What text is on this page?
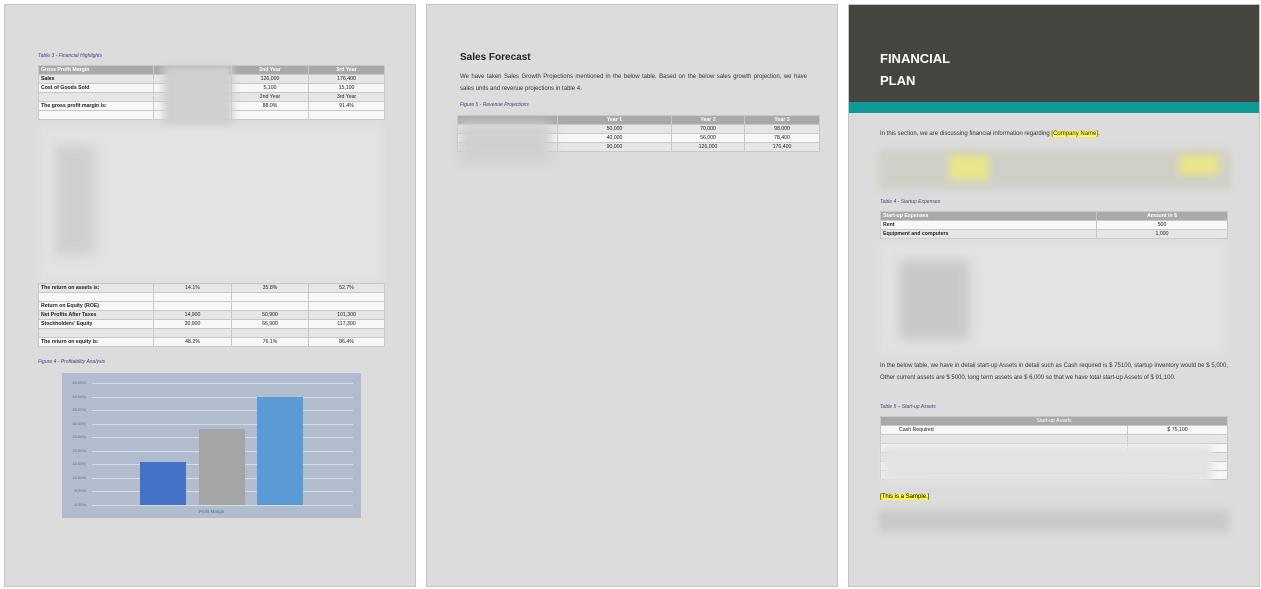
Table 3 - Financial Highlights
Gross Profit Margin		2nd Year	3rd Year
Sales		126,000	176,400
Cost of Goods Sold		5,100	15,100
		2nd Year	3rd Year
The gross profit margin is:		88.0%	91.4%

The return on assets is:	14.1%	35.8%	52.7%

Return on Equity (ROE)			
Net Profits After Taxes	14,900	50,900	101,300
Stockholders' Equity	30,900	66,900	117,300

The return on equity is:	48.2%	76.1%	86.4%
Figure 4 - Profitability Analysis
Profit Margin
0.00%
5.00%
10.00%
15.00%
20.00%
25.00%
30.00%
35.00%
40.00%
45.00%
Sales Forecast
We have taken Sales Growth Projections mentioned in the below table. Based on the below sales growth projection, we have sales units and revenue projections in table 4.
Figure 5 - Revenue Projections
	Year 1	Year 2	Year 3
	50,000	70,000	98,000
	40,000	56,000	78,400
	90,000	126,000	176,400
FINANCIAL
PLAN
In this section, we are discussing financial information regarding [Company Name].
Table 4 - Startup Expenses
Start-up Expenses	Amount in $
Rent	500
Equipment and computers	1,000
In the below table, we have in detail start-up Assets in detail such as Cash required is $ 75100, startup inventory would be $ 5,000, Other current assets are $ 5000, long term assets are $ 6,000 so that we have total start-up Assets of $ 91,100.
Table 5 – Start-up Assets
Start-up Assets	
Cash Required	$ 75,100

[This is a Sample.]
